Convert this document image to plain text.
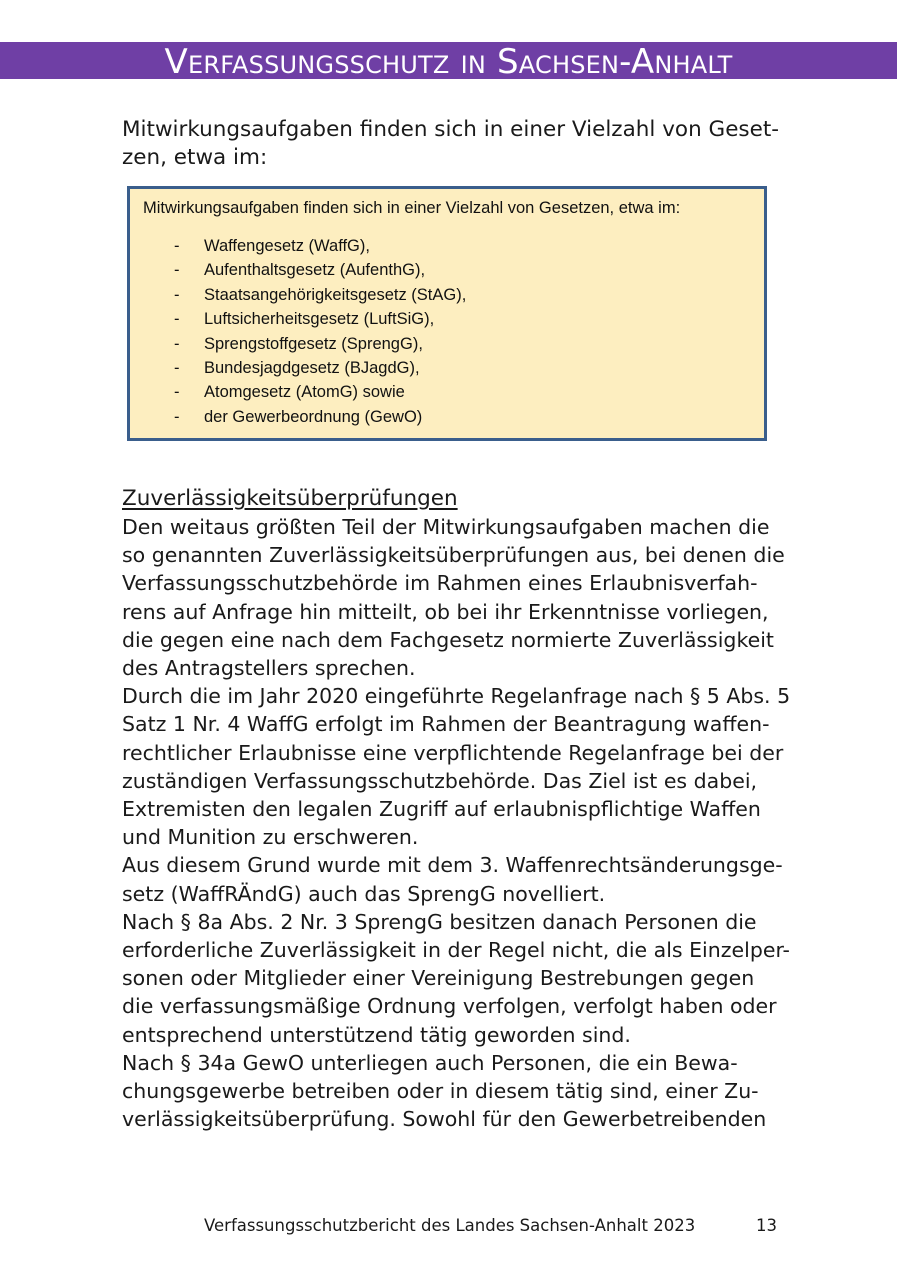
Verfassungsschutz in Sachsen-Anhalt
Mitwirkungsaufgaben finden sich in einer Vielzahl von Geset-
zen, etwa im:
Mitwirkungsaufgaben finden sich in einer Vielzahl von Gesetzen, etwa im:
- Waffengesetz (WaffG),
- Aufenthaltsgesetz (AufenthG),
- Staatsangehörigkeitsgesetz (StAG),
- Luftsicherheitsgesetz (LuftSiG),
- Sprengstoffgesetz (SprengG),
- Bundesjagdgesetz (BJagdG),
- Atomgesetz (AtomG) sowie
- der Gewerbeordnung (GewO)
Zuverlässigkeitsüberprüfungen
Den weitaus größten Teil der Mitwirkungsaufgaben machen die
so genannten Zuverlässigkeitsüberprüfungen aus, bei denen die
Verfassungsschutzbehörde im Rahmen eines Erlaubnisverfah-
rens auf Anfrage hin mitteilt, ob bei ihr Erkenntnisse vorliegen,
die gegen eine nach dem Fachgesetz normierte Zuverlässigkeit
des Antragstellers sprechen.
Durch die im Jahr 2020 eingeführte Regelanfrage nach § 5 Abs. 5
Satz 1 Nr. 4 WaffG erfolgt im Rahmen der Beantragung waffen-
rechtlicher Erlaubnisse eine verpflichtende Regelanfrage bei der
zuständigen Verfassungsschutzbehörde. Das Ziel ist es dabei,
Extremisten den legalen Zugriff auf erlaubnispflichtige Waffen
und Munition zu erschweren.
Aus diesem Grund wurde mit dem 3. Waffenrechtsänderungsge-
setz (WaffRÄndG) auch das SprengG novelliert.
Nach § 8a Abs. 2 Nr. 3 SprengG besitzen danach Personen die
erforderliche Zuverlässigkeit in der Regel nicht, die als Einzelper-
sonen oder Mitglieder einer Vereinigung Bestrebungen gegen
die verfassungsmäßige Ordnung verfolgen, verfolgt haben oder
entsprechend unterstützend tätig geworden sind.
Nach § 34a GewO unterliegen auch Personen, die ein Bewa-
chungsgewerbe betreiben oder in diesem tätig sind, einer Zu-
verlässigkeitsüberprüfung. Sowohl für den Gewerbetreibenden
Verfassungsschutzbericht des Landes Sachsen-Anhalt 2023	13
